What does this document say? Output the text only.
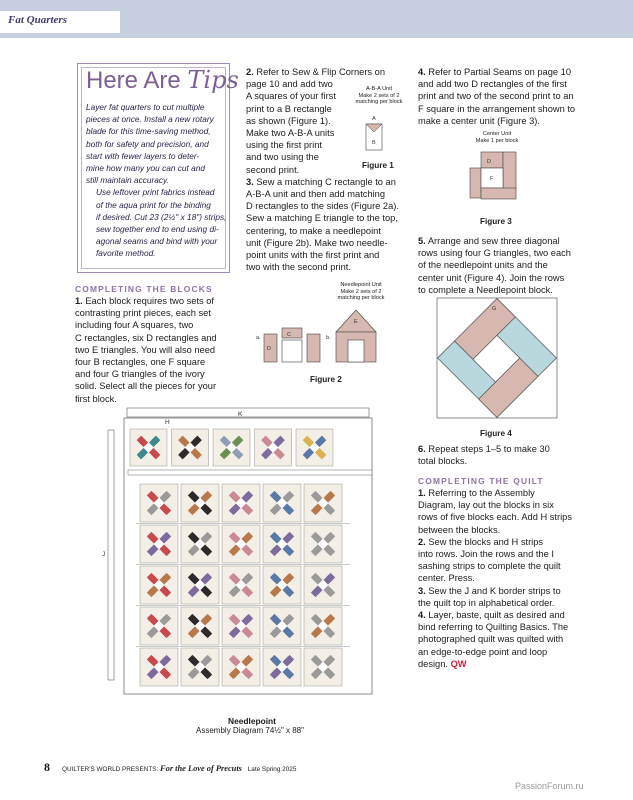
Fat Quarters
Here Are Tips

Layer fat quarters to cut multiple
pieces at once. Install a new rotary
blade for this time-saving method,
both for safety and precision, and
start with fewer layers to deter-
mine how many you can cut and
still maintain accuracy.

Use leftover print fabrics instead
of the aqua print for the binding
if desired. Cut 23 (2½" x 18") strips,
sew together end to end using di-
agonal seams and bind with your
favorite method.

COMPLETING THE BLOCKS
1. Each block requires two sets of
contrasting print pieces, each set
including four A squares, two
C rectangles, six D rectangles and
two E triangles. You will also need
four B rectangles, one F square
and four G triangles of the ivory
solid. Select all the pieces for your
first block.
2. Refer to Sew & Flip Corners on
page 10 and add two
A squares of your first
print to a B rectangle
as shown (Figure 1).
Make two A-B-A units
using the first print
and two using the
second print.
3. Sew a matching C rectangle to an
A-B-A unit and then add matching
D rectangles to the sides (Figure 2a).
Sew a matching E triangle to the top,
centering, to make a needlepoint
unit (Figure 2b). Make two needle-
point units with the first print and
two with the second print.
A-B-A Unit
Make 2 sets of 2
matching per block
A
B
Figure 1
Needlepoint Unit
Make 2 sets of 2
matching per block
a.	C
D
b.
E
Figure 2
4. Refer to Partial Seams on page 10
and add two D rectangles of the first
print and two of the second print to an
F square in the arrangement shown to
make a center unit (Figure 3).
Center Unit
Make 1 per block
D
F
Figure 3
5. Arrange and sew three diagonal
rows using four G triangles, two each
of the needlepoint units and the
center unit (Figure 4). Join the rows
to complete a Needlepoint block.
G
Figure 4
6. Repeat steps 1–5 to make 30
total blocks.
COMPLETING THE QUILT
1. Referring to the Assembly
Diagram, lay out the blocks in six
rows of five blocks each. Add H strips
between the blocks.
2. Sew the blocks and H strips
into rows. Join the rows and the I
sashing strips to complete the quilt
center. Press.
3. Sew the J and K border strips to
the quilt top in alphabetical order.
4. Layer, baste, quilt as desired and
bind referring to Quilting Basics. The
photographed quilt was quilted with
an edge-to-edge point and loop
design. QW
K
J
H
Needlepoint
Assembly Diagram 74½" x 88"
8 QUILTER'S WORLD PRESENTS: For the Love of Precuts Late Spring 2025
PassionForum.ru
